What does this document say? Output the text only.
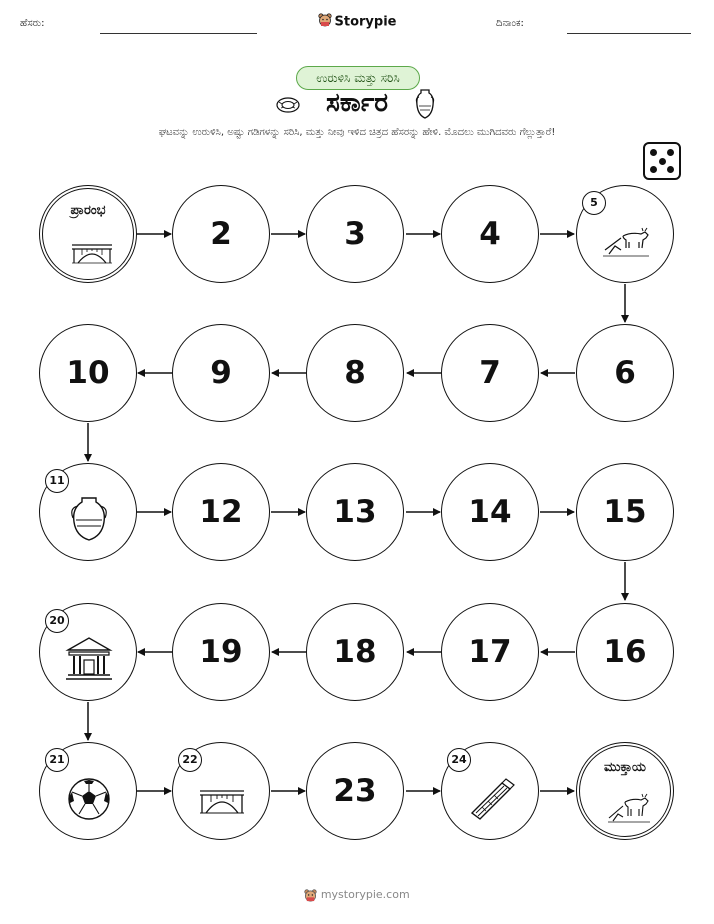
ಹೆಸರು:	Storypie	ದಿನಾಂಕ:
ಉರುಳಿಸಿ ಮತ್ತು ಸರಿಸಿ
ಸರ್ಕಾರ
ಘಟವನ್ನು ಉರುಳಿಸಿ, ಅಷ್ಟು ಗಡಿಗಳನ್ನು ಸರಿಸಿ, ಮತ್ತು ನೀವು ಇಳಿದ ಚಿತ್ರದ ಹೆಸರನ್ನು ಹೇಳಿ. ಮೊದಲು ಮುಗಿದವರು ಗೆಲ್ಲುತ್ತಾರೆ!
ಪ್ರಾರಂಭ
2	3	4
5
6
7
8
9
10
11
12	13	14	15
16
17
18
19
20
21	22
23
24
ಮುಕ್ತಾಯ
mystorypie.com
